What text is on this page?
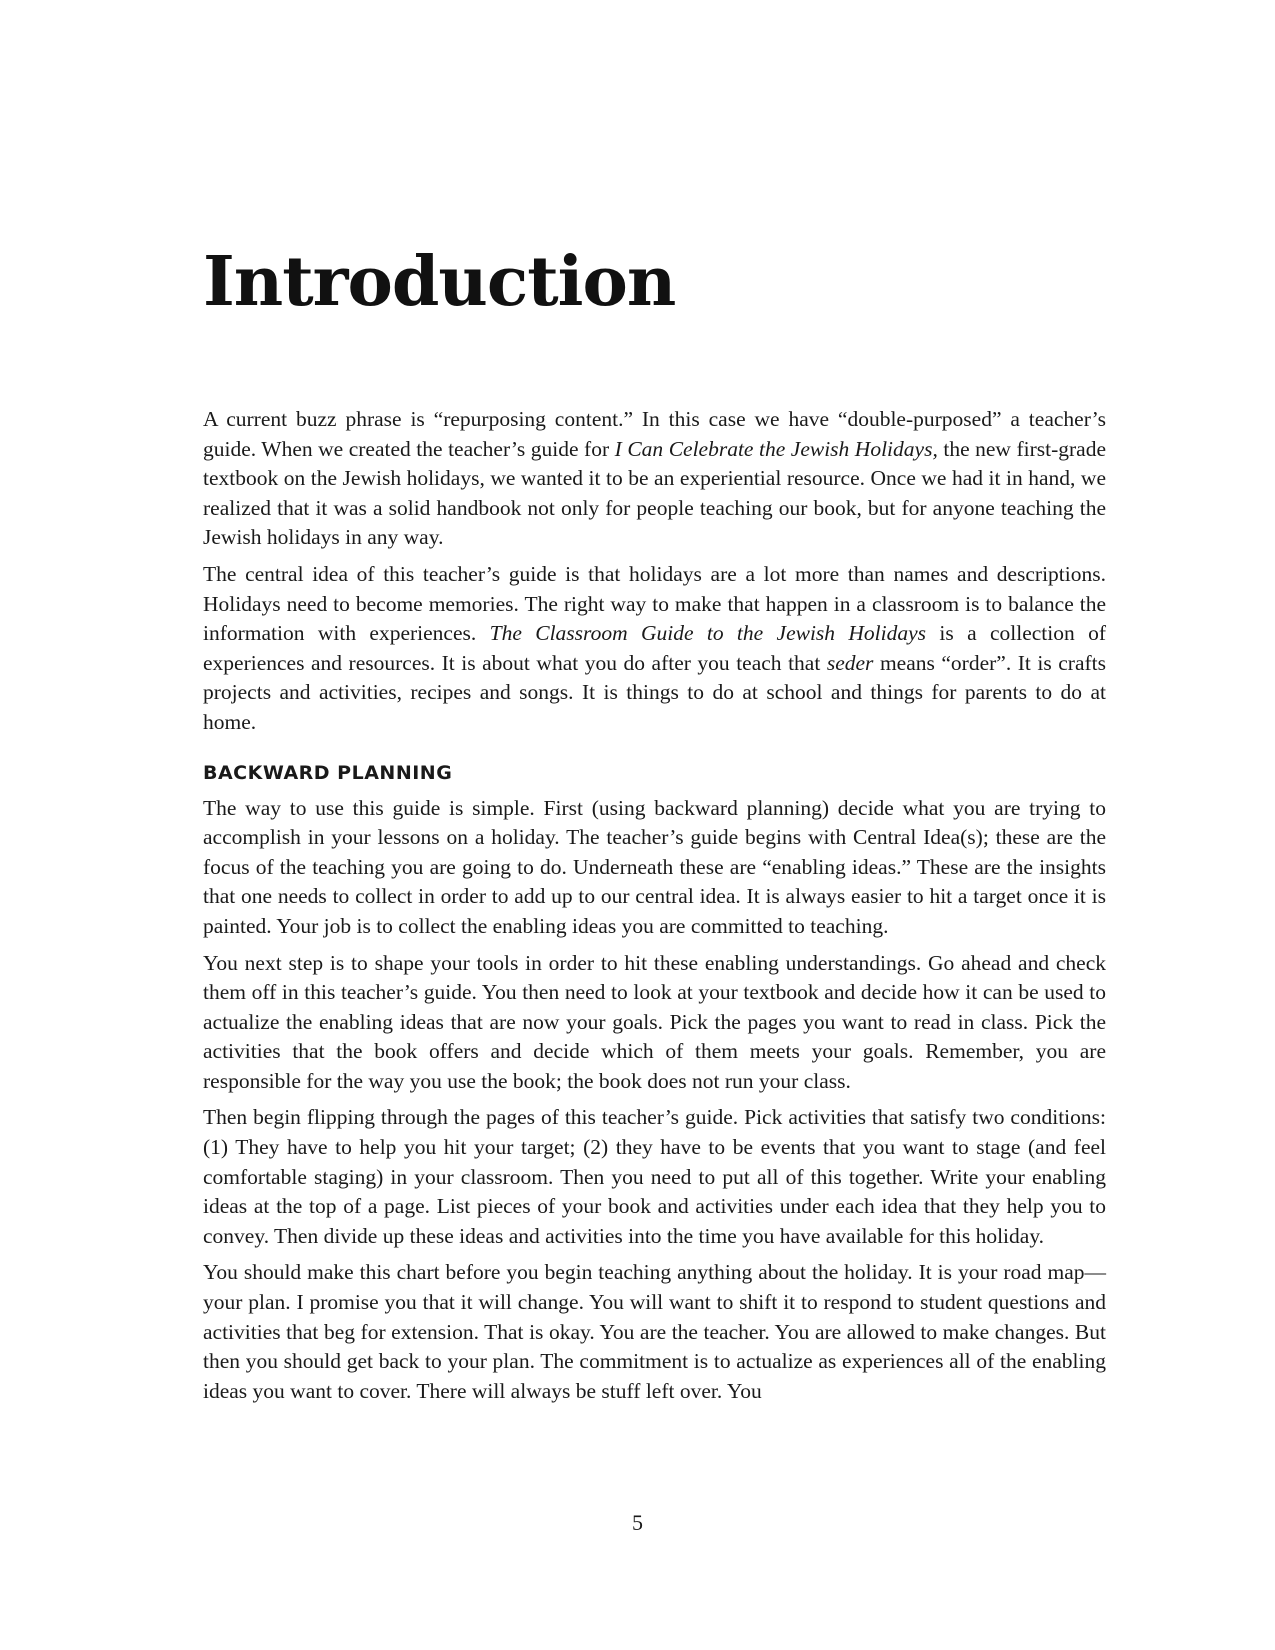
Introduction

A current buzz phrase is “repurposing content.” In this case we have “double-purposed” a teacher’s guide. When we created the teacher’s guide for I Can Celebrate the Jewish Holidays, the new first-grade textbook on the Jewish holidays, we wanted it to be an experiential resource. Once we had it in hand, we realized that it was a solid handbook not only for people teaching our book, but for anyone teaching the Jewish holidays in any way.

The central idea of this teacher’s guide is that holidays are a lot more than names and descriptions. Holidays need to become memories. The right way to make that happen in a classroom is to balance the information with experiences. The Classroom Guide to the Jewish Holidays is a collection of experiences and resources. It is about what you do after you teach that seder means “order”. It is crafts projects and activities, recipes and songs. It is things to do at school and things for parents to do at home.

BACKWARD PLANNING

The way to use this guide is simple. First (using backward planning) decide what you are trying to accomplish in your lessons on a holiday. The teacher’s guide begins with Central Idea(s); these are the focus of the teaching you are going to do. Underneath these are “enabling ideas.” These are the insights that one needs to collect in order to add up to our central idea. It is always easier to hit a target once it is painted. Your job is to collect the enabling ideas you are committed to teaching.

You next step is to shape your tools in order to hit these enabling understandings. Go ahead and check them off in this teacher’s guide. You then need to look at your textbook and decide how it can be used to actualize the enabling ideas that are now your goals. Pick the pages you want to read in class. Pick the activities that the book offers and decide which of them meets your goals. Remember, you are responsible for the way you use the book; the book does not run your class.

Then begin flipping through the pages of this teacher’s guide. Pick activities that satisfy two conditions: (1) They have to help you hit your target; (2) they have to be events that you want to stage (and feel comfortable staging) in your classroom. Then you need to put all of this together. Write your enabling ideas at the top of a page. List pieces of your book and activities under each idea that they help you to convey. Then divide up these ideas and activities into the time you have available for this holiday.

You should make this chart before you begin teaching anything about the holiday. It is your road map—your plan. I promise you that it will change. You will want to shift it to respond to student questions and activities that beg for extension. That is okay. You are the teacher. You are allowed to make changes. But then you should get back to your plan. The commitment is to actualize as experiences all of the enabling ideas you want to cover. There will always be stuff left over. You

5
